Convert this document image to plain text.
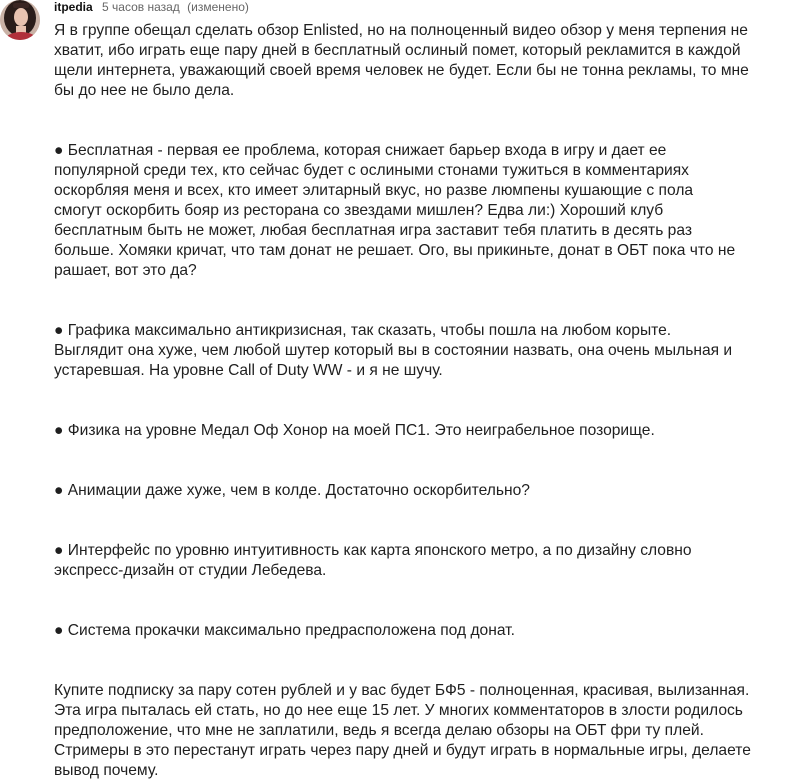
itpedia 5 часов назад (изменено)

Я в группе обещал сделать обзор Enlisted, но на полноценный видео обзор у меня терпения не
хватит, ибо играть еще пару дней в бесплатный ослиный помет, который рекламится в каждой
щели интернета, уважающий своей время человек не будет. Если бы не тонна рекламы, то мне
бы до нее не было дела.

● Бесплатная - первая ее проблема, которая снижает барьер входа в игру и дает ее
популярной среди тех, кто сейчас будет с ослиными стонами тужиться в комментариях
оскорбляя меня и всех, кто имеет элитарный вкус, но разве люмпены кушающие с пола
смогут оскорбить бояр из ресторана со звездами мишлен? Едва ли:) Хороший клуб
бесплатным быть не может, любая бесплатная игра заставит тебя платить в десять раз
больше. Хомяки кричат, что там донат не решает. Ого, вы прикиньте, донат в ОБТ пока что не
рашает, вот это да?

● Графика максимально антикризисная, так сказать, чтобы пошла на любом корыте.
Выглядит она хуже, чем любой шутер который вы в состоянии назвать, она очень мыльная и
устаревшая. На уровне Call of Duty WW - и я не шучу.

● Физика на уровне Медал Оф Хонор на моей ПС1. Это неиграбельное позорище.

● Анимации даже хуже, чем в колде. Достаточно оскорбительно?

● Интерфейс по уровню интуитивность как карта японского метро, а по дизайну словно
экспресс-дизайн от студии Лебедева.

● Система прокачки максимально предрасположена под донат.

Купите подписку за пару сотен рублей и у вас будет БФ5 - полноценная, красивая, вылизанная.
Эта игра пыталась ей стать, но до нее еще 15 лет. У многих комментаторов в злости родилось
предположение, что мне не заплатили, ведь я всегда делаю обзоры на ОБТ фри ту плей.
Стримеры в это перестанут играть через пару дней и будут играть в нормальные игры, делаете
вывод почему.
